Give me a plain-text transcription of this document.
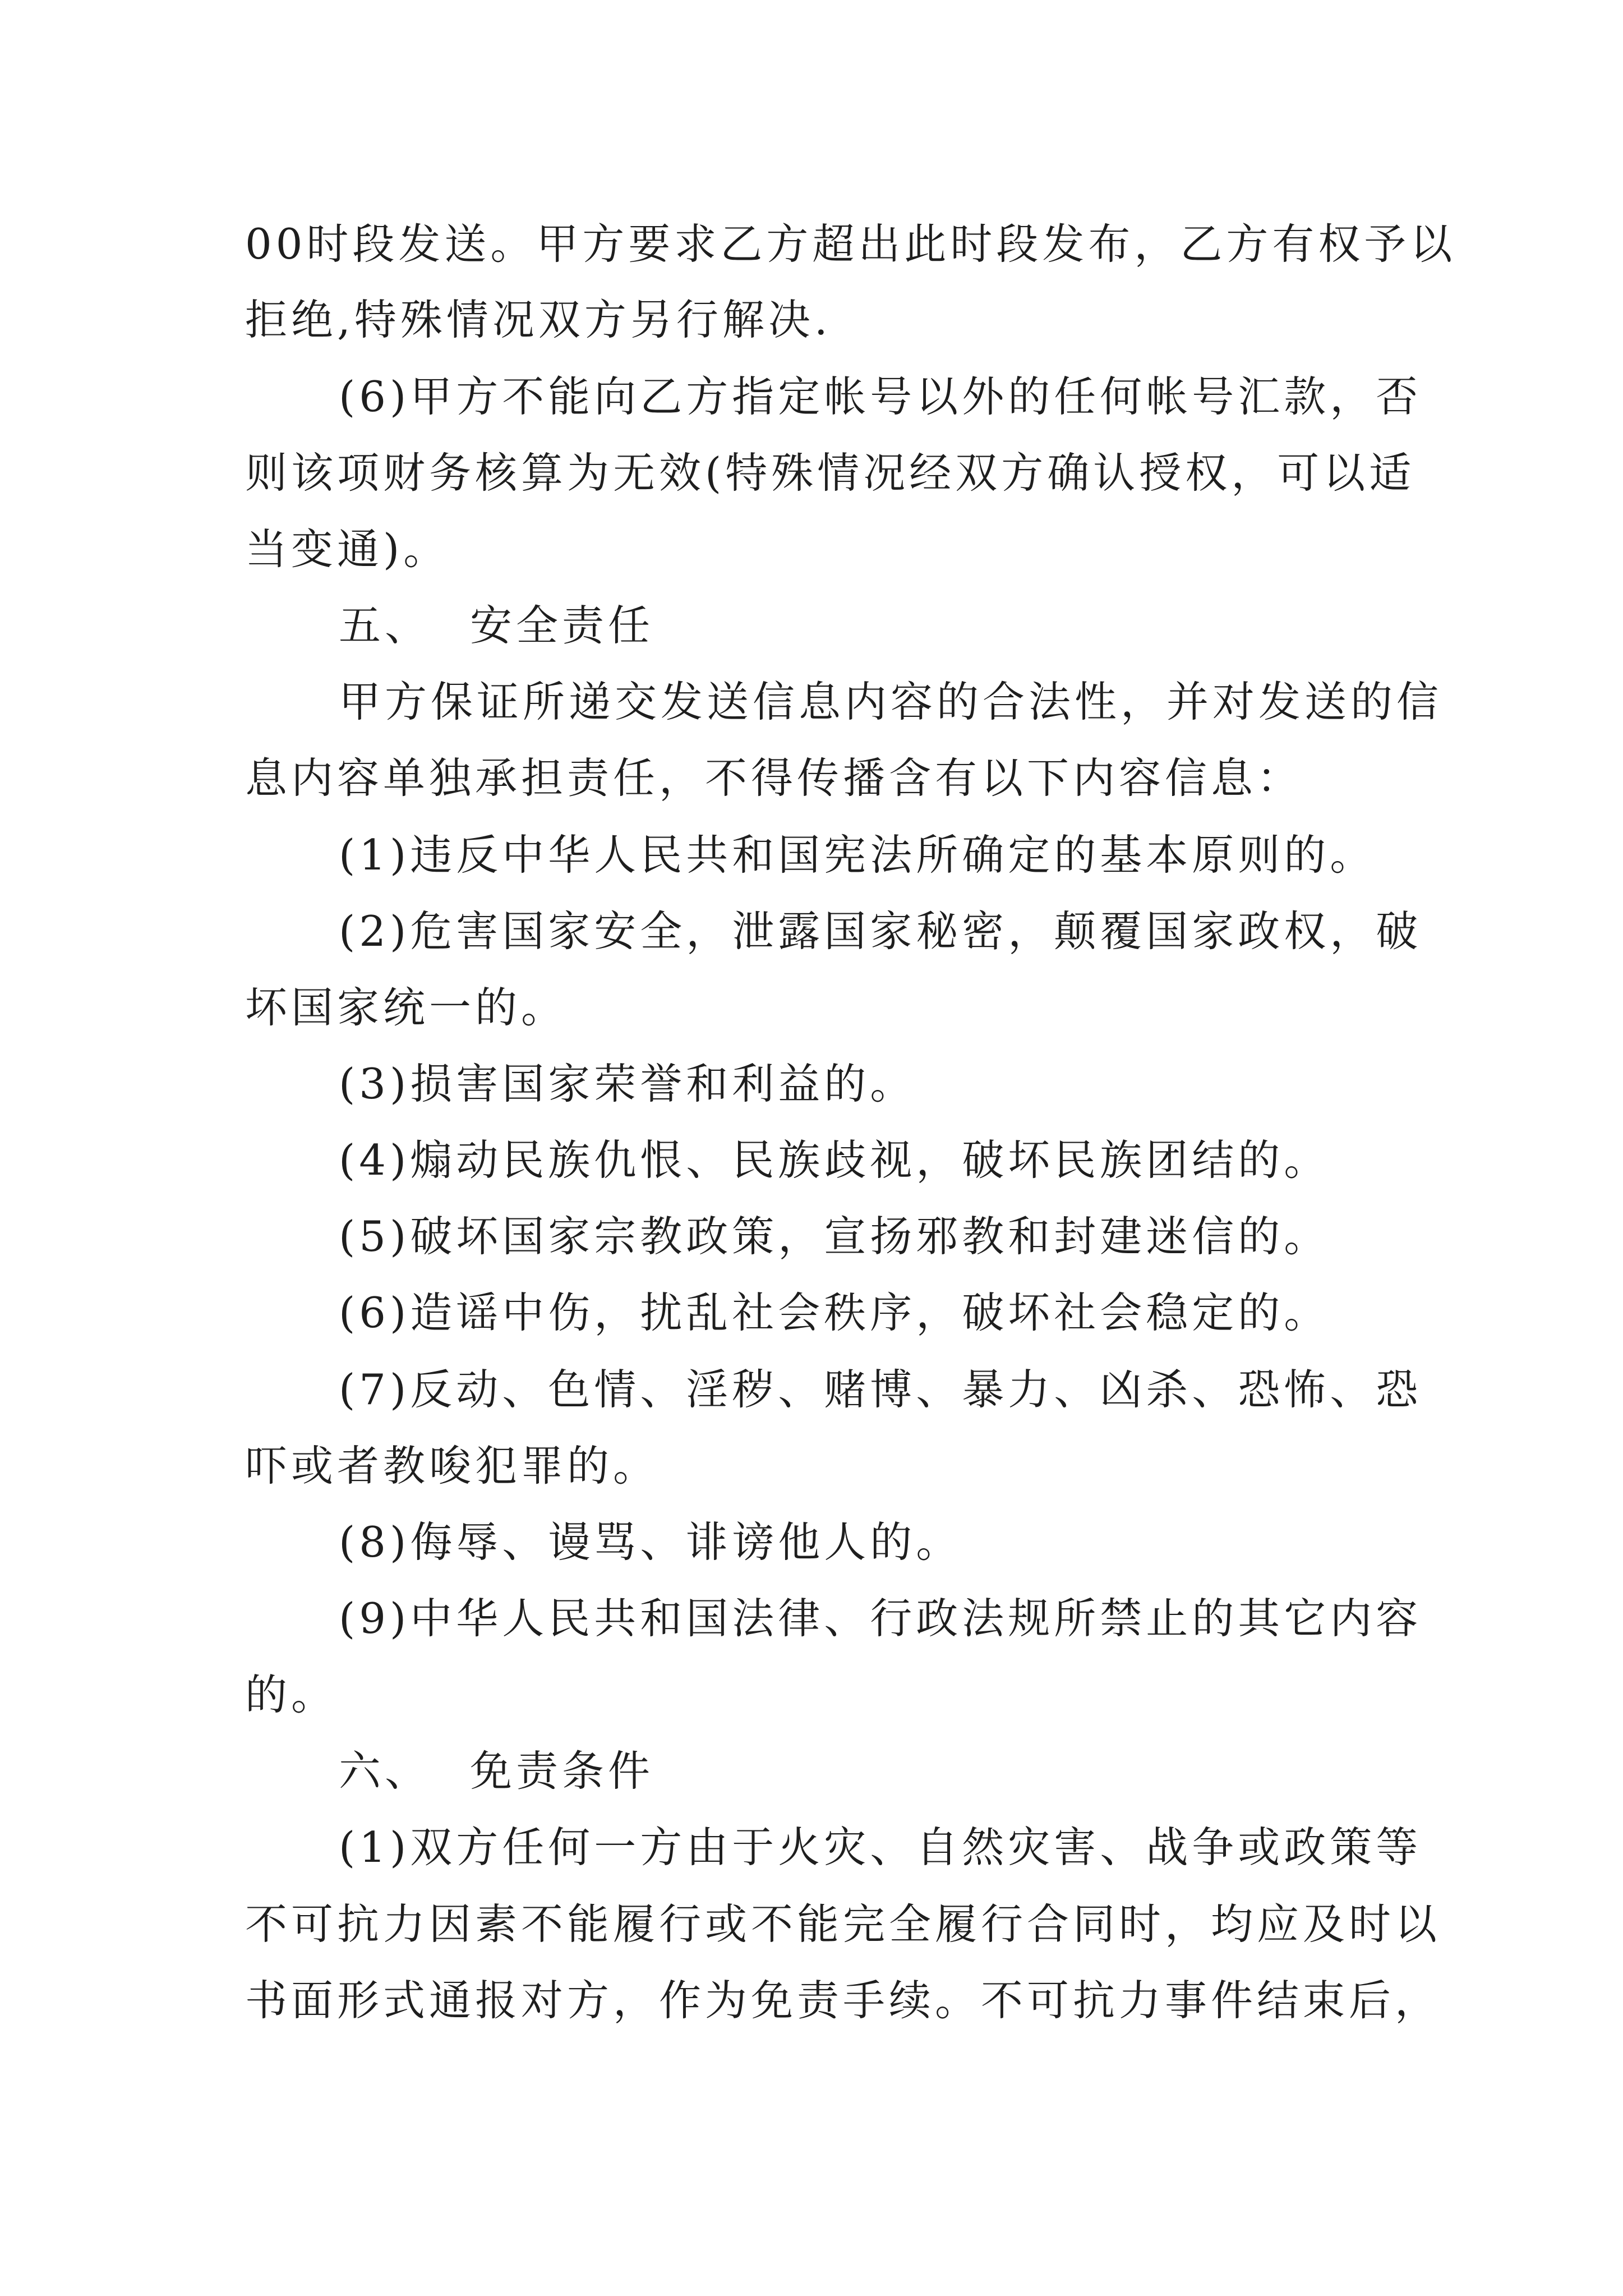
00时段发送。甲方要求乙方超出此时段发布，乙方有权予以
拒绝,特殊情况双方另行解决.
(6)甲方不能向乙方指定帐号以外的任何帐号汇款，否
则该项财务核算为无效(特殊情况经双方确认授权，可以适
当变通)。
五、 安全责任
甲方保证所递交发送信息内容的合法性，并对发送的信
息内容单独承担责任，不得传播含有以下内容信息：
(1)违反中华人民共和国宪法所确定的基本原则的。
(2)危害国家安全，泄露国家秘密，颠覆国家政权，破
坏国家统一的。
(3)损害国家荣誉和利益的。
(4)煽动民族仇恨、民族歧视，破坏民族团结的。
(5)破坏国家宗教政策，宣扬邪教和封建迷信的。
(6)造谣中伤，扰乱社会秩序，破坏社会稳定的。
(7)反动、色情、淫秽、赌博、暴力、凶杀、恐怖、恐
吓或者教唆犯罪的。
(8)侮辱、谩骂、诽谤他人的。
(9)中华人民共和国法律、行政法规所禁止的其它内容
的。
六、 免责条件
(1)双方任何一方由于火灾、自然灾害、战争或政策等
不可抗力因素不能履行或不能完全履行合同时，均应及时以
书面形式通报对方，作为免责手续。不可抗力事件结束后，
